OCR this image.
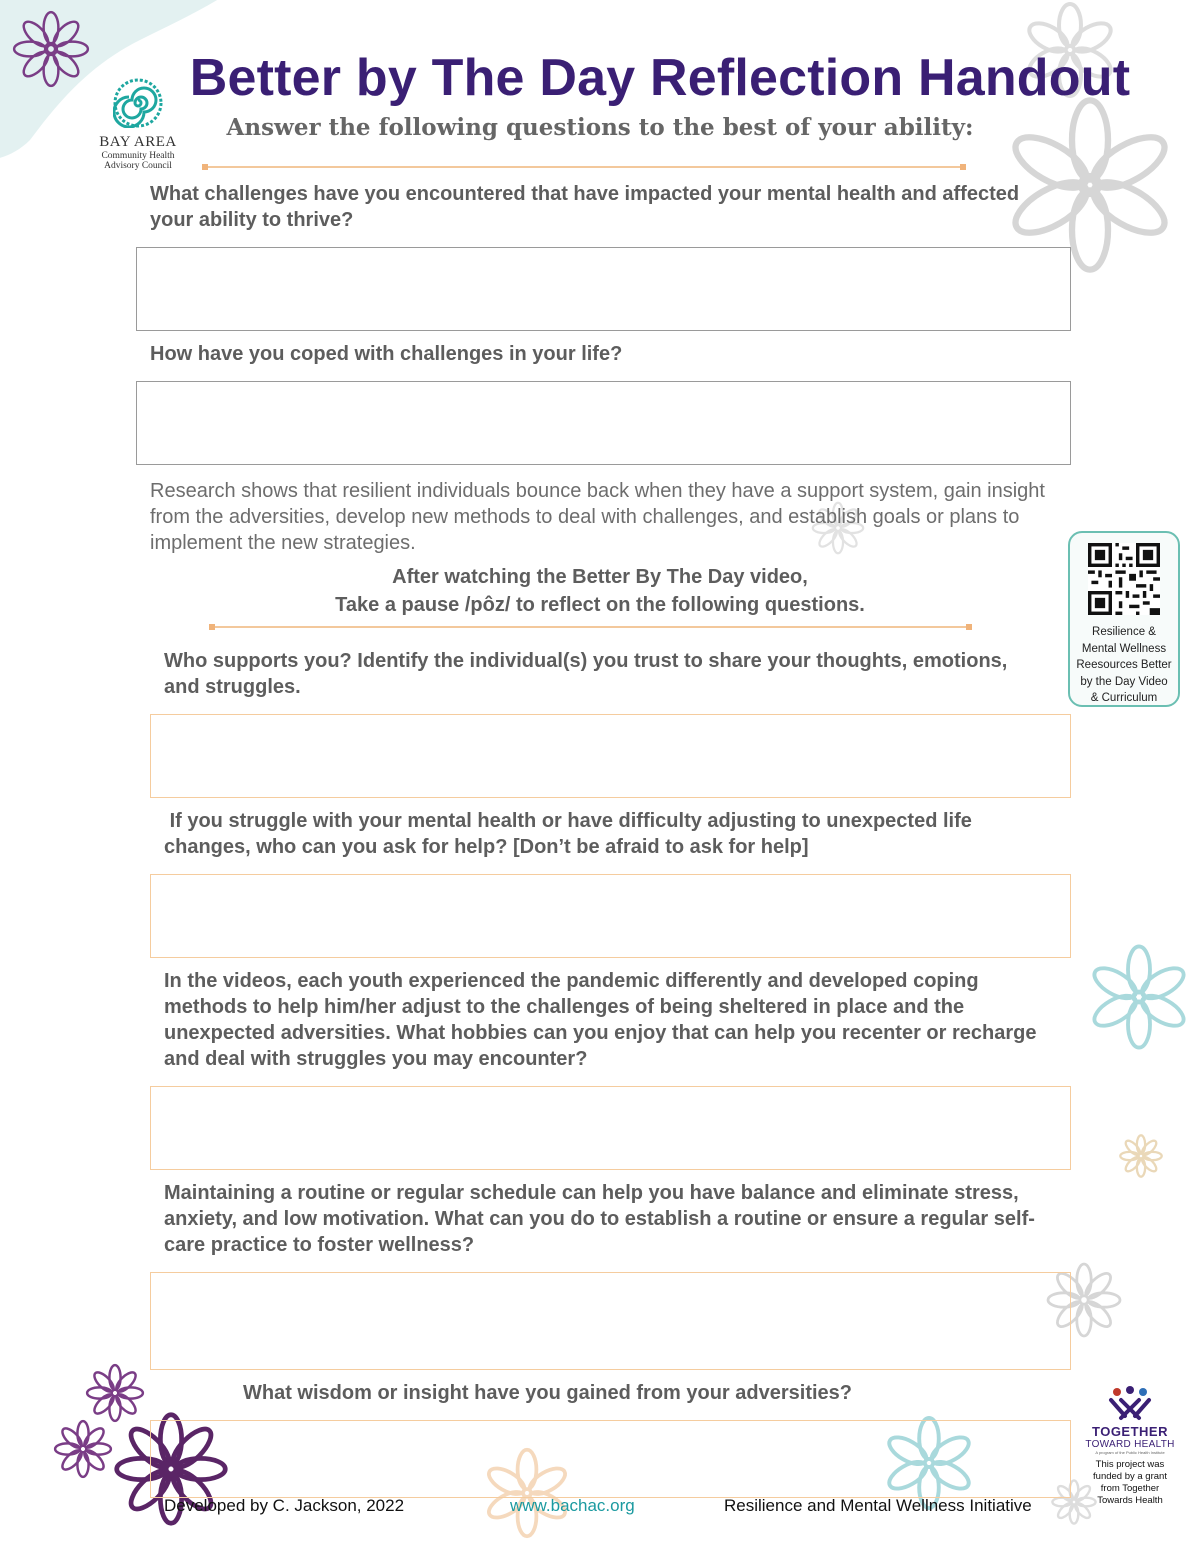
BAY AREA
Community Health
Advisory Council
Better by The Day Reflection Handout
Answer the following questions to the best of your ability:
What challenges have you encountered that have impacted your mental health and affected your ability to thrive?
How have you coped with challenges in your life?
Research shows that resilient individuals bounce back when they have a support system, gain insight from the adversities, develop new methods to deal with challenges, and establish goals or plans to implement the new strategies.
After watching the Better By The Day video,
Take a pause /pôz/ to reflect on the following questions.
Resilience &
Mental Wellness
Reesources Better
by the Day Video
& Curriculum
Who supports you? Identify the individual(s) you trust to share your thoughts, emotions, and struggles.
If you struggle with your mental health or have difficulty adjusting to unexpected life changes, who can you ask for help? [Don’t be afraid to ask for help]
In the videos, each youth experienced the pandemic differently and developed coping methods to help him/her adjust to the challenges of being sheltered in place and the unexpected adversities. What hobbies can you enjoy that can help you recenter or recharge and deal with struggles you may encounter?
Maintaining a routine or regular schedule can help you have balance and eliminate stress, anxiety, and low motivation. What can you do to establish a routine or ensure a regular self-care practice to foster wellness?
What wisdom or insight have you gained from your adversities?
TOGETHER
TOWARD HEALTH
A program of the Public Health Institute
This project was
funded by a grant
from Together
Towards Health
Developed by C. Jackson, 2022	www.bachac.org	Resilience and Mental Wellness Initiative
